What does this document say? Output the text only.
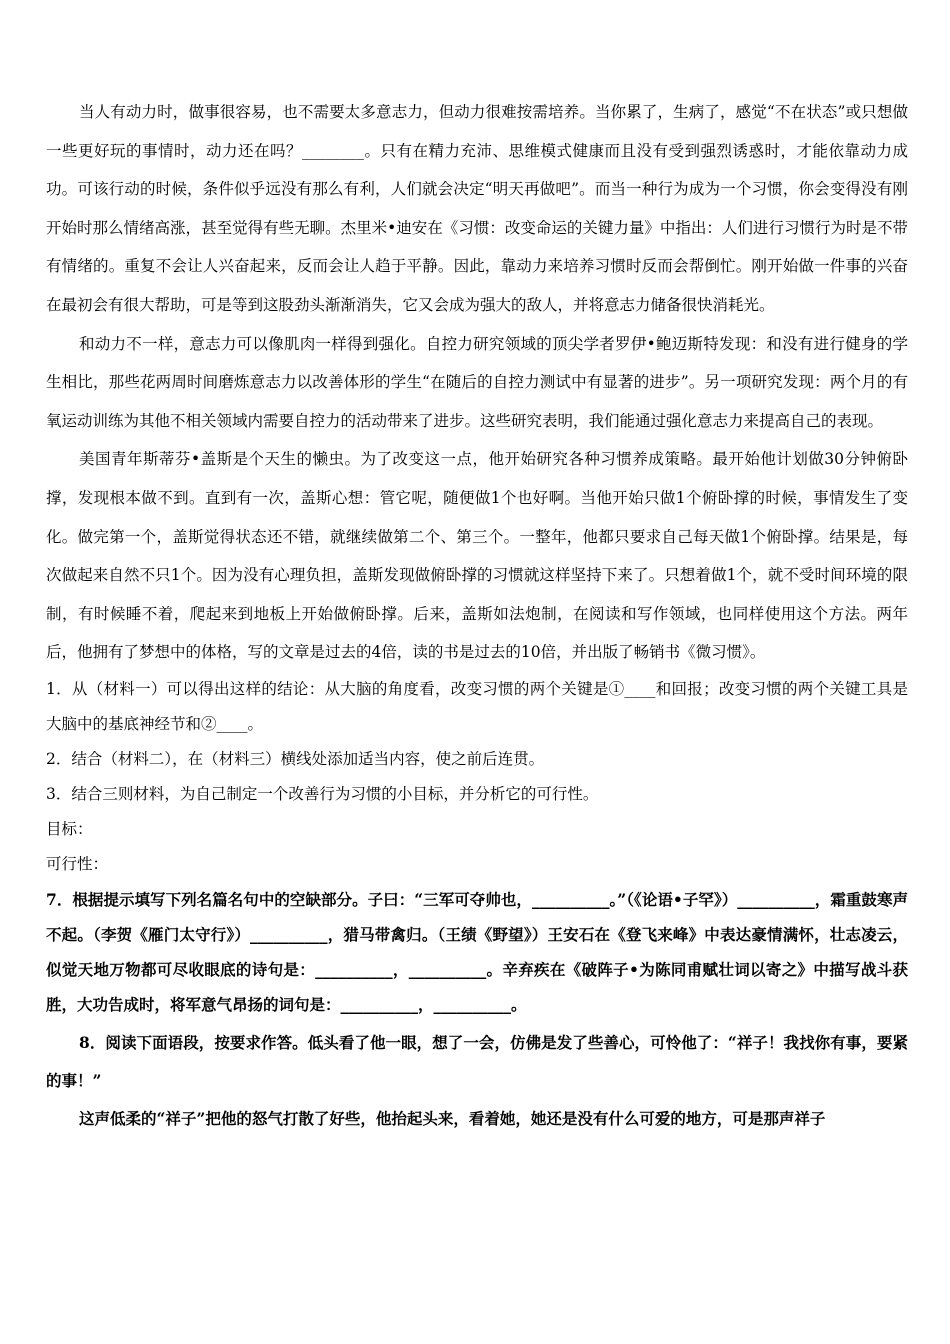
当人有动力时，做事很容易，也不需要太多意志力，但动力很难按需培养。当你累了，生病了，感觉“不在状态”或只想做一些更好玩的事情时，动力还在吗？________。只有在精力充沛、思维模式健康而且没有受到强烈诱惑时，才能依靠动力成功。可该行动的时候，条件似乎远没有那么有利，人们就会决定“明天再做吧”。而当一种行为成为一个习惯，你会变得没有刚开始时那么情绪高涨，甚至觉得有些无聊。杰里米•迪安在《习惯：改变命运的关键力量》中指出：人们进行习惯行为时是不带有情绪的。重复不会让人兴奋起来，反而会让人趋于平静。因此，靠动力来培养习惯时反而会帮倒忙。刚开始做一件事的兴奋在最初会有很大帮助，可是等到这股劲头渐渐消失，它又会成为强大的敌人，并将意志力储备很快消耗光。

和动力不一样，意志力可以像肌肉一样得到强化。自控力研究领域的顶尖学者罗伊•鲍迈斯特发现：和没有进行健身的学生相比，那些花两周时间磨炼意志力以改善体形的学生“在随后的自控力测试中有显著的进步”。另一项研究发现：两个月的有氧运动训练为其他不相关领域内需要自控力的活动带来了进步。这些研究表明，我们能通过强化意志力来提高自己的表现。

美国青年斯蒂芬•盖斯是个天生的懒虫。为了改变这一点，他开始研究各种习惯养成策略。最开始他计划做30分钟俯卧撑，发现根本做不到。直到有一次，盖斯心想：管它呢，随便做1个也好啊。当他开始只做1个俯卧撑的时候，事情发生了变化。做完第一个，盖斯觉得状态还不错，就继续做第二个、第三个。一整年，他都只要求自己每天做1个俯卧撑。结果是，每次做起来自然不只1个。因为没有心理负担，盖斯发现做俯卧撑的习惯就这样坚持下来了。只想着做1个，就不受时间环境的限制，有时候睡不着，爬起来到地板上开始做俯卧撑。后来，盖斯如法炮制，在阅读和写作领域，也同样使用这个方法。两年后，他拥有了梦想中的体格，写的文章是过去的4倍，读的书是过去的10倍，并出版了畅销书《微习惯》。

1．从（材料一）可以得出这样的结论：从大脑的角度看，改变习惯的两个关键是①____和回报；改变习惯的两个关键工具是大脑中的基底神经节和②____。

2．结合（材料二），在（材料三）横线处添加适当内容，使之前后连贯。

3．结合三则材料，为自己制定一个改善行为习惯的小目标，并分析它的可行性。

目标：

可行性：

7．根据提示填写下列名篇名句中的空缺部分。子曰：“三军可夺帅也，__________。”（《论语•子罕》）__________，霜重鼓寒声不起。（李贺《雁门太守行》）__________，猎马带禽归。（王绩《野望》）王安石在《登飞来峰》中表达豪情满怀，壮志凌云，似觉天地万物都可尽收眼底的诗句是：__________，__________。辛弃疾在《破阵子•为陈同甫赋壮词以寄之》中描写战斗获胜，大功告成时，将军意气昂扬的词句是：__________，__________。

8．阅读下面语段，按要求作答。低头看了他一眼，想了一会，仿佛是发了些善心，可怜他了：“祥子！我找你有事，要紧的事！”

这声低柔的“祥子”把他的怒气打散了好些，他抬起头来，看着她，她还是没有什么可爱的地方，可是那声祥子
